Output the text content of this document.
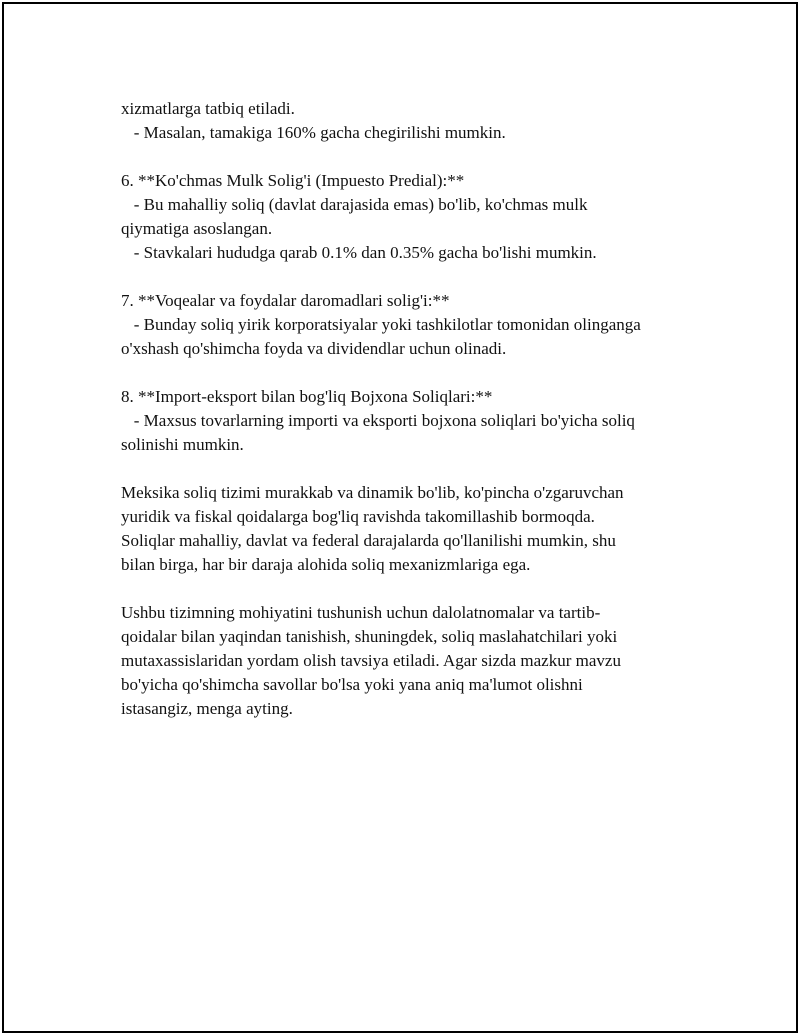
xizmatlarga tatbiq etiladi.
- Masalan, tamakiga 160% gacha chegirilishi mumkin.
6. **Ko'chmas Mulk Solig'i (Impuesto Predial):**
- Bu mahalliy soliq (davlat darajasida emas) bo'lib, ko'chmas mulk
qiymatiga asoslangan.
- Stavkalari hududga qarab 0.1% dan 0.35% gacha bo'lishi mumkin.
7. **Voqealar va foydalar daromadlari solig'i:**
- Bunday soliq yirik korporatsiyalar yoki tashkilotlar tomonidan olinganga
o'xshash qo'shimcha foyda va dividendlar uchun olinadi.
8. **Import-eksport bilan bog'liq Bojxona Soliqlari:**
- Maxsus tovarlarning importi va eksporti bojxona soliqlari bo'yicha soliq
solinishi mumkin.
Meksika soliq tizimi murakkab va dinamik bo'lib, ko'pincha o'zgaruvchan
yuridik va fiskal qoidalarga bog'liq ravishda takomillashib bormoqda.
Soliqlar mahalliy, davlat va federal darajalarda qo'llanilishi mumkin, shu
bilan birga, har bir daraja alohida soliq mexanizmlariga ega.
Ushbu tizimning mohiyatini tushunish uchun dalolatnomalar va tartib-
qoidalar bilan yaqindan tanishish, shuningdek, soliq maslahatchilari yoki
mutaxassislaridan yordam olish tavsiya etiladi. Agar sizda mazkur mavzu
bo'yicha qo'shimcha savollar bo'lsa yoki yana aniq ma'lumot olishni
istasangiz, menga ayting.
